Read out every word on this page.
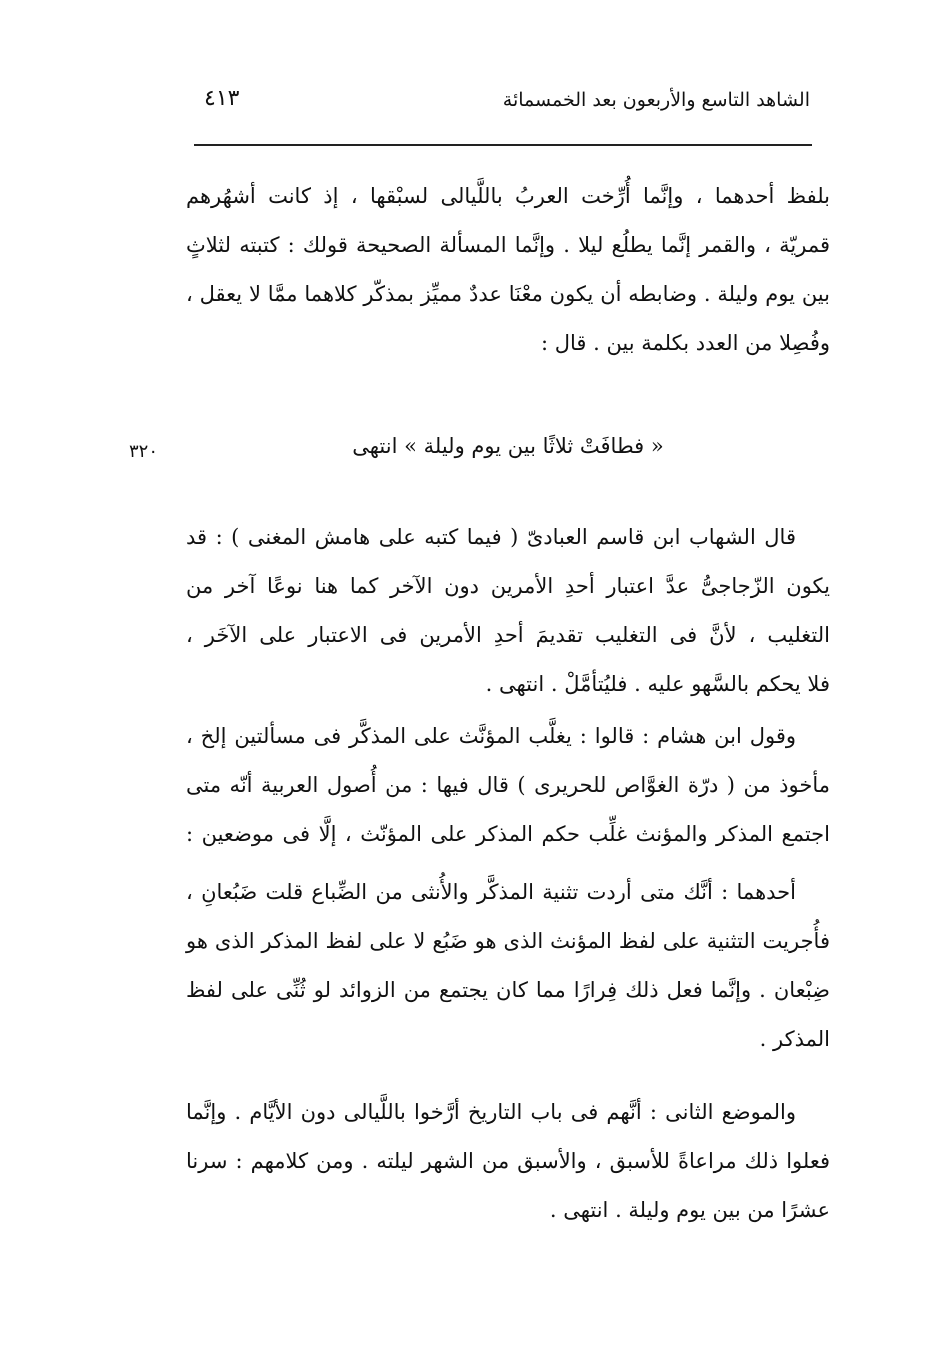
الشاهد التاسع والأربعون بعد الخمسمائة
٤١٣
بلفظ أحدهما ، وإنَّما أُرِّخت العربُ باللَّيالى لسبْقها ، إذ كانت أشهُرهم
قمريّة ، والقمر إنَّما يطلُع ليلا . وإنَّما المسألة الصحيحة قولك : كتبته لثلاثٍ
بين يوم وليلة . وضابطه أن يكون معْنَا عددٌ مميِّز بمذكّر كلاهما ممَّا لا يعقل ،
وفُصِلا من العدد بكلمة بين . قال :
« فطافَتْ ثلاثًا بين يوم وليلة » انتهى
٣٢٠
قال الشهاب ابن قاسم العبادىّ ( فيما كتبه على هامش المغنى ) : قد
يكون الزّجاجىُّ عدَّ اعتبار أحدِ الأمرين دون الآخر كما هنا نوعًا آخر من
التغليب ، لأنَّ فى التغليب تقديمَ أحدِ الأمرين فى الاعتبار على الآخَر ،
فلا يحكم بالسَّهو عليه . فليُتأمَّلْ . انتهى .
وقول ابن هشام : قالوا : يغلَّب المؤنَّث على المذكَّر فى مسألتين إلخ ،
مأخوذ من ( درّة الغوَّاص للحريرى ) قال فيها : من أُصول العربية أنّه متى
اجتمع المذكر والمؤنث غلِّب حكم المذكر على المؤنّث ، إلَّا فى موضعين :
أحدهما : أنَّك متى أردت تثنية المذكَّر والأُنثى من الضِّباع قلت ضَبُعانِ ،
فأُجريت التثنية على لفظ المؤنث الذى هو ضَبُع لا على لفظ المذكر الذى هو
ضِبْعان . وإنَّما فعل ذلك فِرارًا مما كان يجتمع من الزوائد لو ثُنِّى على لفظ
المذكر .
والموضع الثانى : أنَّهم فى باب التاريخ أرَّخوا باللَّيالى دون الأيَّام . وإنَّما
فعلوا ذلك مراعاةً للأسبق ، والأسبق من الشهر ليلته . ومن كلامهم : سرنا
عشرًا من بين يوم وليلة . انتهى .
